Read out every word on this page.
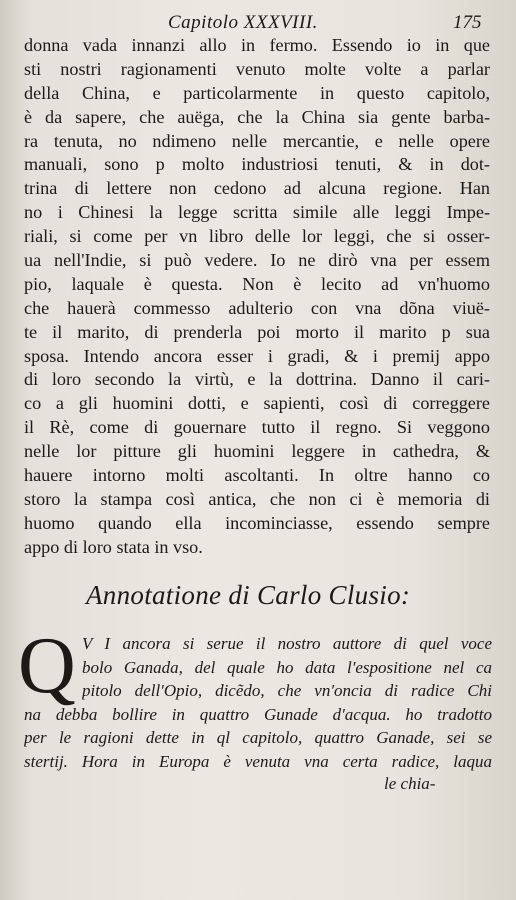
Capitolo XXXVIII.	175
donna vada innanzi allo in fermo. Essendo io in que
sti nostri ragionamenti venuto molte volte a parlar
della China, e particolarmente in questo capitolo,
è da sapere, che auëga, che la China sia gente barba-
ra tenuta, no ndimeno nelle mercantie, e nelle opere
manuali, sono p molto industriosi tenuti, & in dot-
trina di lettere non cedono ad alcuna regione. Han
no i Chinesi la legge scritta simile alle leggi Impe-
riali, si come per vn libro delle lor leggi, che si osser-
ua nell'Indie, si può vedere. Io ne dirò vna per essem
pio, laquale è questa. Non è lecito ad vn'huomo
che hauerà commesso adulterio con vna dõna viuë-
te il marito, di prenderla poi morto il marito p sua
sposa. Intendo ancora esser i gradi, & i premij appo
di loro secondo la virtù, e la dottrina. Danno il cari-
co a gli huomini dotti, e sapienti, così di correggere
il Rè, come di gouernare tutto il regno. Si veggono
nelle lor pitture gli huomini leggere in cathedra, &
hauere intorno molti ascoltanti. In oltre hanno co
storo la stampa così antica, che non ci è memoria di
huomo quando ella incominciasse, essendo sempre
appo di loro stata in vso.
Annotatione di Carlo Clusio:
Q V I ancora si serue il nostro auttore di quel voce
bolo Ganada, del quale ho data l'espositione nel ca
pitolo dell'Opio, dicẽdo, che vn'oncia di radice Chi
na debba bollire in quattro Gunade d'acqua. ho tradotto
per le ragioni dette in ql capitolo, quattro Ganade, sei se
stertij. Hora in Europa è venuta vna certa radice, laqua
le chia-
